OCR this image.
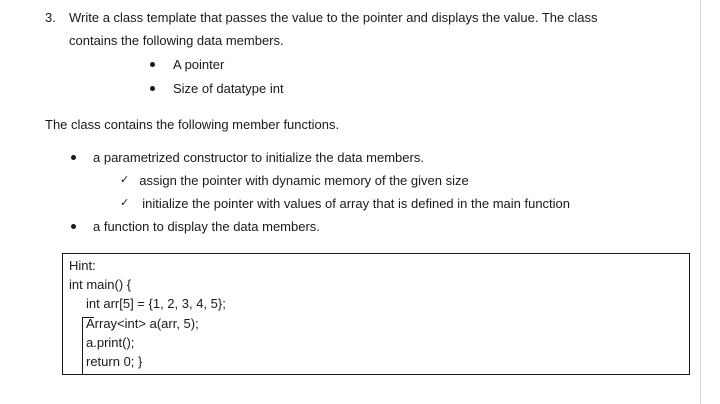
3. Write a class template that passes the value to the pointer and displays the value. The class
contains the following data members.
A pointer
Size of datatype int
The class contains the following member functions.
a parametrized constructor to initialize the data members.
✓ assign the pointer with dynamic memory of the given size
✓ initialize the pointer with values of array that is defined in the main function
a function to display the data members.
Hint:
int main() {
int arr[5] = {1, 2, 3, 4, 5};
Array<int> a(arr, 5);
a.print();
return 0; }
